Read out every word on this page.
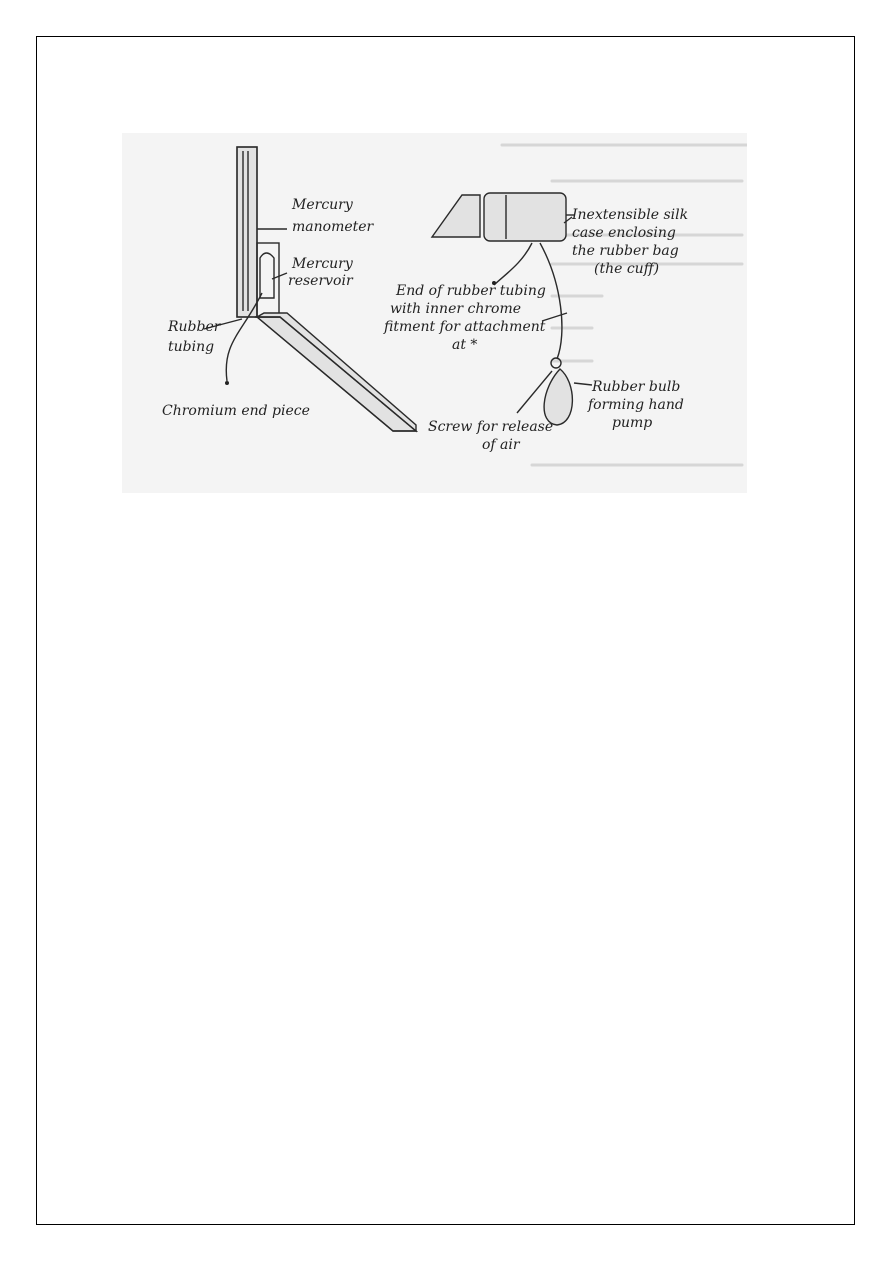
Mercury
manometer
Mercury
reservoir
Rubber
tubing
Chromium end piece
Inextensible silk
case enclosing
the rubber bag
(the cuff)
End of rubber tubing
with inner chrome
fitment for attachment
at *
Rubber bulb
forming hand
pump
Screw for release
of air
